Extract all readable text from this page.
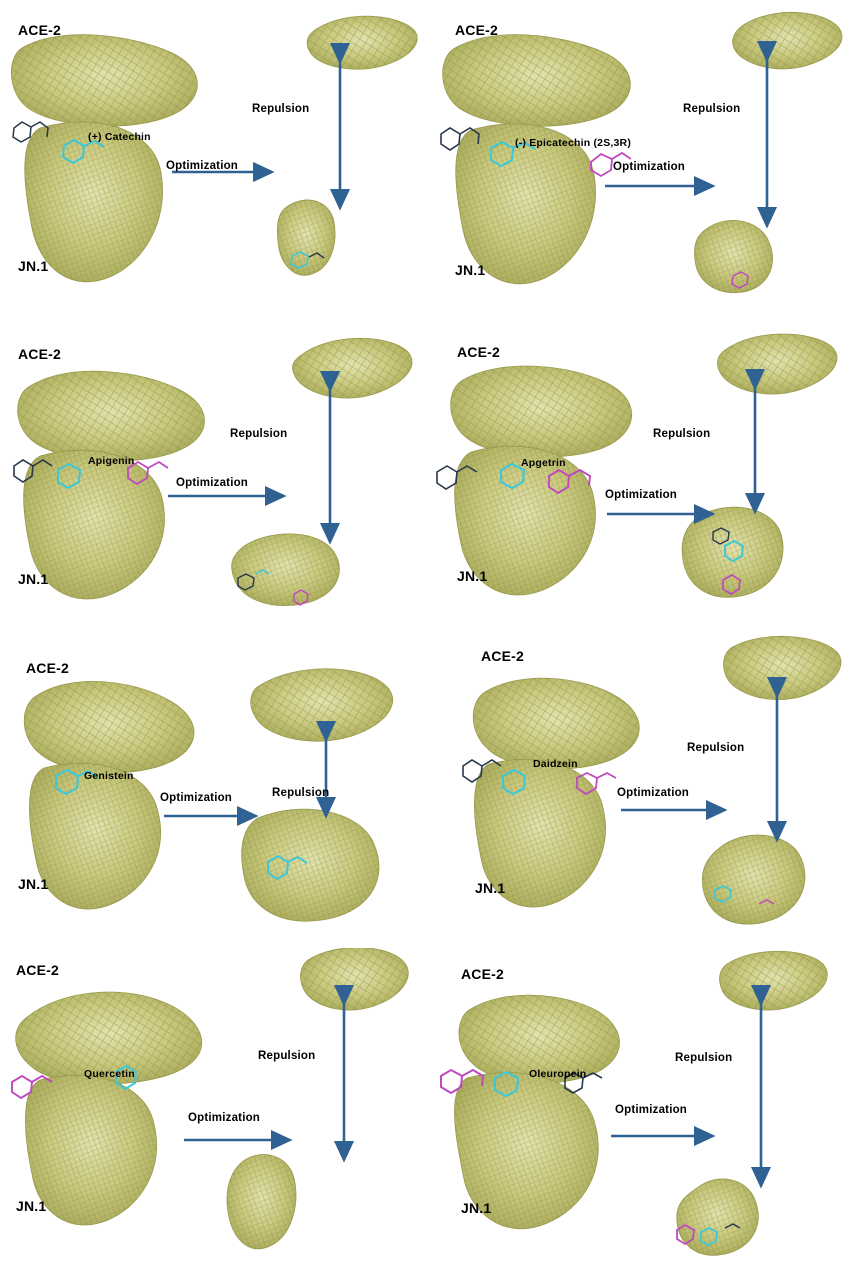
ACE-2
JN.1
(+) Catechin
Repulsion
Optimization
ACE-2
JN.1
(-) Epicatechin (2S,3R)
Repulsion
Optimization
ACE-2
JN.1
Apigenin
Repulsion
Optimization
ACE-2
JN.1
Apgetrin
Repulsion
Optimization
ACE-2
JN.1
Genistein
Repulsion
Optimization
ACE-2
JN.1
Daidzein
Repulsion
Optimization
ACE-2
JN.1
Quercetin
Repulsion
Optimization
ACE-2
JN.1
Oleuropein
Repulsion
Optimization
